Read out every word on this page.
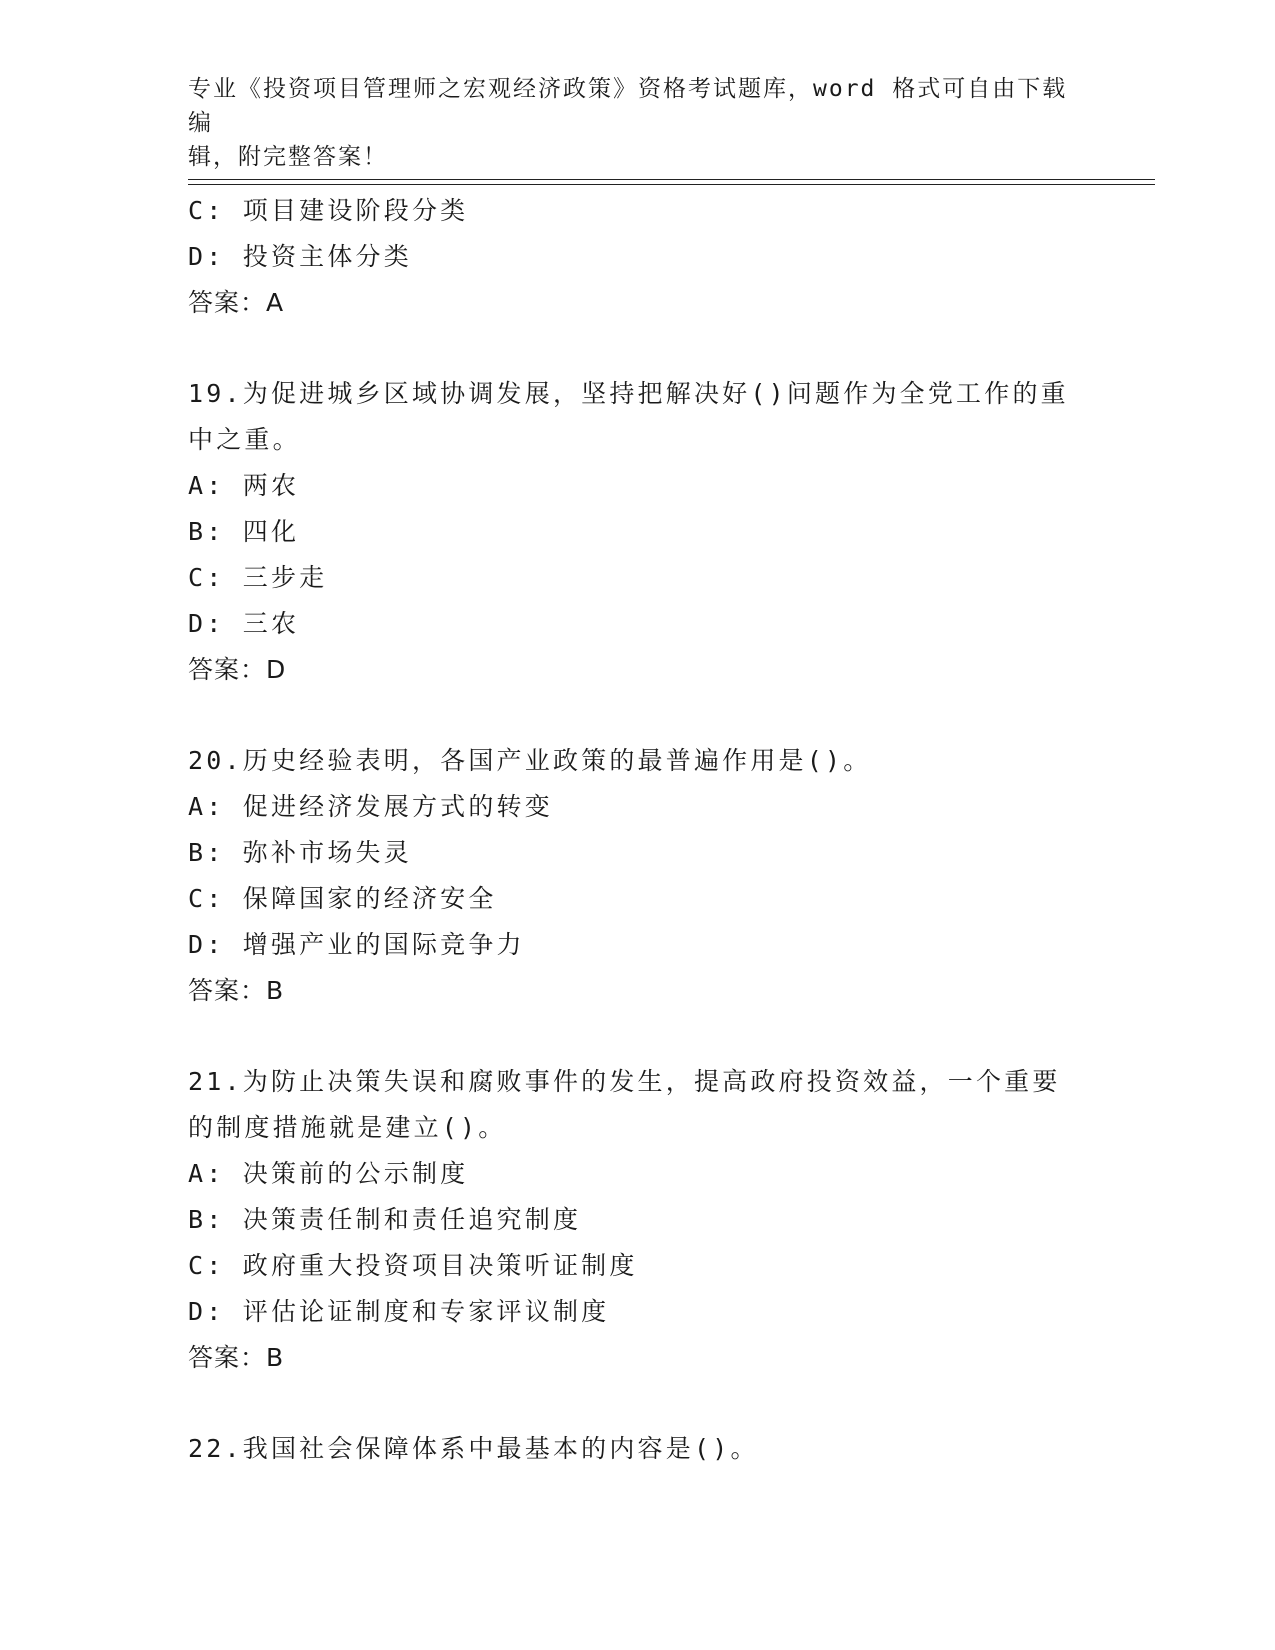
专业《投资项目管理师之宏观经济政策》资格考试题库，word 格式可自由下载编
辑，附完整答案！
C: 项目建设阶段分类
D: 投资主体分类
答案：A
19.为促进城乡区域协调发展，坚持把解决好()问题作为全党工作的重
中之重。
A: 两农
B: 四化
C: 三步走
D: 三农
答案：D
20.历史经验表明，各国产业政策的最普遍作用是()。
A: 促进经济发展方式的转变
B: 弥补市场失灵
C: 保障国家的经济安全
D: 增强产业的国际竞争力
答案：B
21.为防止决策失误和腐败事件的发生，提高政府投资效益，一个重要
的制度措施就是建立()。
A: 决策前的公示制度
B: 决策责任制和责任追究制度
C: 政府重大投资项目决策听证制度
D: 评估论证制度和专家评议制度
答案：B
22.我国社会保障体系中最基本的内容是()。
